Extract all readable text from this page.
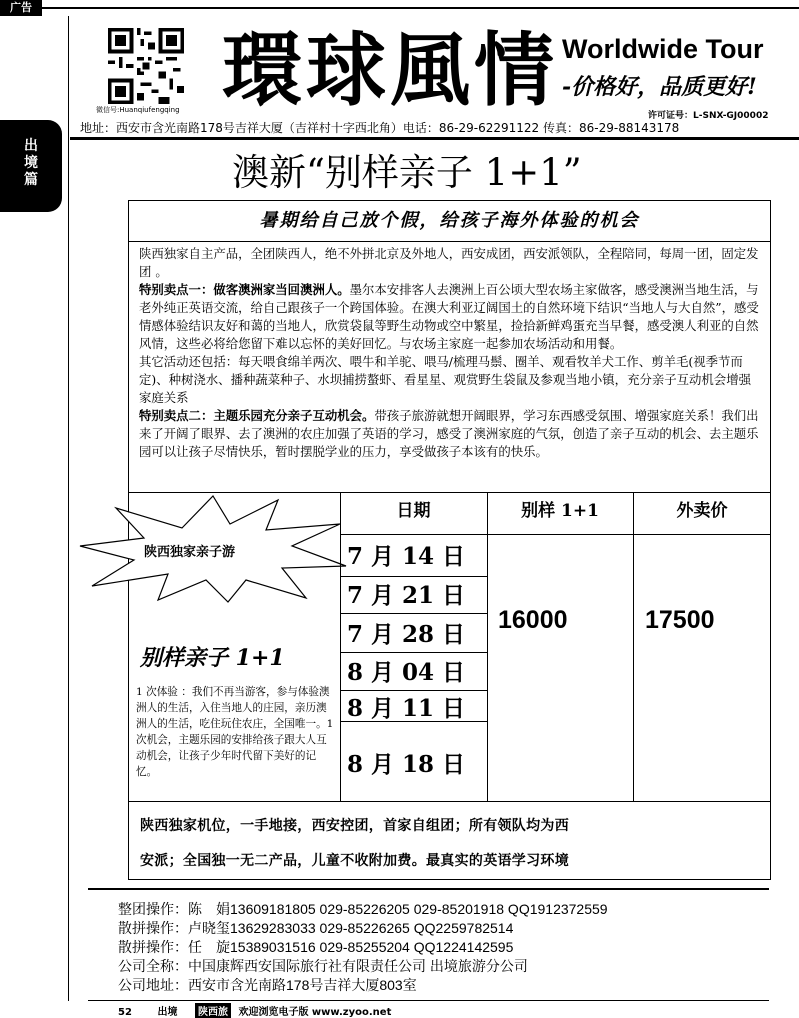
广告
出境篇
微信号:Huanqiufengqing 環球風情 Worldwide Tour
-价格好，品质更好!
许可证号：L-SNX-GJ00002
地址：西安市含光南路178号吉祥大厦（吉祥村十字西北角）电话：86-29-62291122 传真：86-29-88143178
澳新“别样亲子 1+1”
暑期给自己放个假，给孩子海外体验的机会
陕西独家自主产品，全团陕西人，绝不外拼北京及外地人，西安成团，西安派领队，全程陪同，每周一团，固定发团 。
特别卖点一：做客澳洲家当回澳洲人。墨尔本安排客人去澳洲上百公顷大型农场主家做客，感受澳洲当地生活，与老外纯正英语交流，给自己跟孩子一个跨国体验。在澳大利亚辽阔国土的自然环境下结识“当地人与大自然”，感受情感体验结识友好和蔼的当地人，欣赏袋鼠等野生动物或空中繁星，捡拾新鲜鸡蛋充当早餐，感受澳人利亚的自然风情，这些必将给您留下难以忘怀的美好回忆。与农场主家庭一起参加农场活动和用餐。
其它活动还包括：每天喂食绵羊两次、喂牛和羊驼、喂马/梳理马鬃、圈羊、观看牧羊犬工作、剪羊毛(视季节而定)、种树浇水、播种蔬菜种子、水坝捕捞螯虾、看星星、观赏野生袋鼠及参观当地小镇，充分亲子互动机会增强家庭关系
特别卖点二：主题乐园充分亲子互动机会。带孩子旅游就想开阔眼界，学习东西感受氛围、增强家庭关系！我们出来了开阔了眼界、去了澳洲的农庄加强了英语的学习，感受了澳洲家庭的气氛，创造了亲子互动的机会、去主题乐园可以让孩子尽情快乐，暂时摆脱学业的压力，享受做孩子本该有的快乐。
陕西独家亲子游
别样亲子 1+1
1 次体验 ：我们不再当游客，参与体验澳洲人的生活，入住当地人的庄园，亲历澳洲人的生活，吃住玩住农庄，全国唯一。1 次机会，主题乐园的安排给孩子跟大人互动机会，让孩子少年时代留下美好的记忆。
日期	别样 1+1	外卖价
7 月 14 日
7 月 21 日
7 月 28 日
8 月 04 日
8 月 11 日
8 月 18 日
16000	17500
陕西独家机位，一手地接，西安控团，首家自组团；所有领队均为西
安派；全国独一无二产品，儿童不收附加费。最真实的英语学习环境
整团操作：陈　娟13609181805 029-85226205 029-85201918 QQ1912372559
散拼操作：卢晓玺13629283033 029-85226265 QQ2259782514
散拼操作：任　旋15389031516 029-85255204 QQ1224142595
公司全称：中国康辉西安国际旅行社有限责任公司 出境旅游分公司
公司地址：西安市含光南路178号吉祥大厦803室
52	出境 陕西旅 欢迎浏览电子版 www.zyoo.net
